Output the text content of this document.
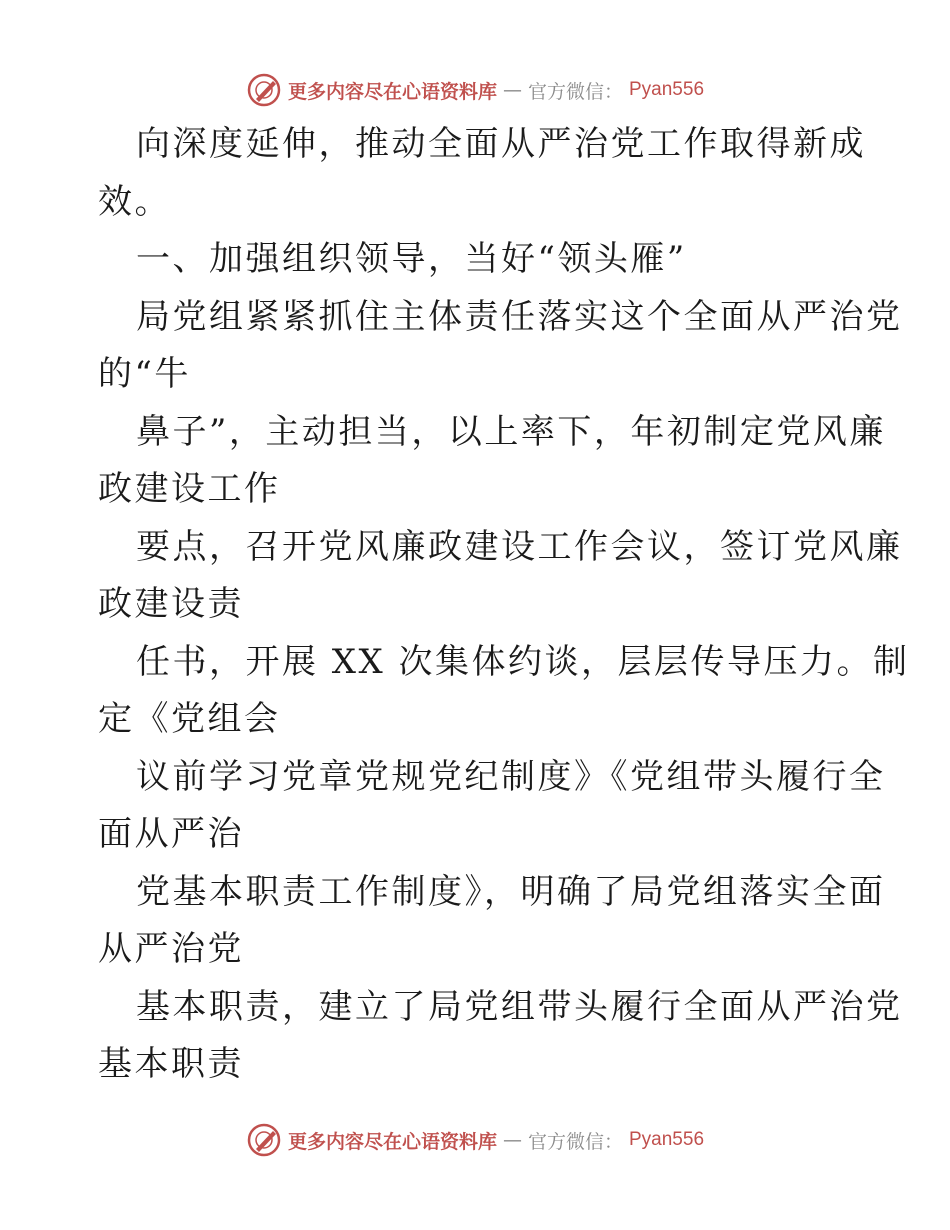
更多内容尽在心语资料库 — 官方微信： Pyan556
向深度延伸，推动全面从严治党工作取得新成
效。
一、加强组织领导，当好“领头雁”
局党组紧紧抓住主体责任落实这个全面从严治党
的“牛
鼻子”，主动担当，以上率下，年初制定党风廉
政建设工作
要点，召开党风廉政建设工作会议，签订党风廉
政建设责
任书，开展 XX 次集体约谈，层层传导压力。制
定《党组会
议前学习党章党规党纪制度》《党组带头履行全
面从严治
党基本职责工作制度》，明确了局党组落实全面
从严治党
基本职责，建立了局党组带头履行全面从严治党
基本职责
更多内容尽在心语资料库 — 官方微信： Pyan556
